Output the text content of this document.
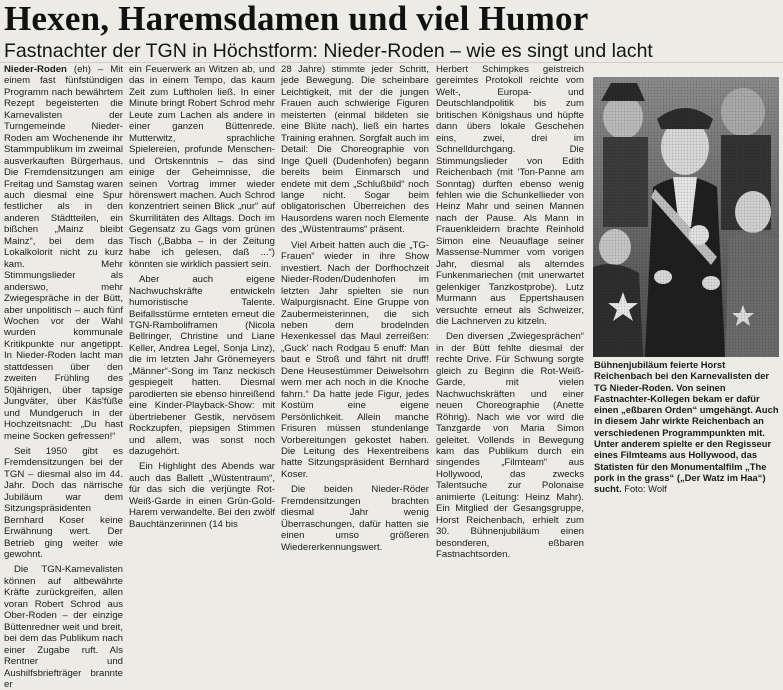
Hexen, Haremsdamen und viel Humor
Fastnachter der TGN in Höchstform: Nieder-Roden – wie es singt und lacht

Nieder-Roden (eh) – Mit einem fast fünfstündigen Programm nach bewährtem Rezept begeisterten die Karnevalisten der Turngemeinde Nieder-Roden am Wochenende ihr Stammpublikum im zweimal ausverkauften Bürgerhaus. Die Fremdensitzungen am Freitag und Samstag waren auch diesmal eine Spur festlicher als in den anderen Städtteilen, ein bißchen „Mainz bleibt Mainz“, bei dem das Lokalkolorit nicht zu kurz kam. Mehr Stimmungslieder als anderswo, mehr Zwiegespräche in der Bütt, aber unpolitisch – auch fünf Wochen vor der Wahl wurden kommunale Kritikpunkte nur angetippt. In Nieder-Roden lacht man stattdessen über den zweiten Frühling des 50jährigen, über tapsige Jungväter, über Käs'füße und Mundgeruch in der Hochzeitsnacht: „Du hast meine Socken gefressen!“

Seit 1950 gibt es Fremdensitzungen bei der TGN – diesmal also im 44. Jahr. Doch das närrische Jubiläum war dem Sitzungspräsidenten Bernhard Koser keine Erwähnung wert. Der Betrieb ging weiter wie gewohnt.

Die TGN-Karnevalisten können auf altbewährte Kräfte zurückgreifen, allen voran Robert Schrod aus Ober-Roden – der einzige Büttenredner weit und breit, bei dem das Publikum nach einer Zugabe ruft. Als Rentner und Aushilfsbriefträger brannte er

ein Feuerwerk an Witzen ab, und das in einem Tempo, das kaum Zeit zum Luftholen ließ. In einer Minute bringt Robert Schrod mehr Leute zum Lachen als andere in einer ganzen Büttenrede. Mutterwitz, sprachliche Spielereien, profunde Menschen- und Ortskenntnis – das sind einige der Geheimnisse, die seinen Vortrag immer wieder hörenswert machen. Auch Schrod konzentriert seinen Blick „nur“ auf Skurrilitäten des Alltags. Doch im Gegensatz zu Gags vom grünen Tisch („Babba – in der Zeitung habe ich gelesen, daß ...“) könnten sie wirklich passiert sein.

Aber auch eigene Nachwuchskräfte entwickeln humoristische Talente. Beifallsstürme ernteten erneut die TGN-Ramboliframen (Nicola Bellringer, Christine und Liane Keller, Andrea Legel, Sonja Linz), die im letzten Jahr Grönemeyers „Männer“-Song im Tanz neckisch gespiegelt hatten. Diesmal parodierten sie ebenso hinreißend eine Kinder-Playback-Show: mit übertriebener Gestik, nervösem Rockzupfen, piepsigen Stimmen und allem, was sonst noch dazugehört.

Ein Highlight des Abends war auch das Ballett „Wüstentraum“, für das sich die verjüngte Rot-Weiß-Garde in einen Grün-Gold-Harem verwandelte. Bei den zwölf Bauchtänzerinnen (14 bis

28 Jahre) stimmte jeder Schritt, jede Bewegung. Die scheinbare Leichtigkeit, mit der die jungen Frauen auch schwierige Figuren meisterten (einmal bildeten sie eine Blüte nach), ließ ein hartes Training erahnen. Sorgfalt auch im Detail: Die Choreographie von Inge Quell (Dudenhofen) begann bereits beim Einmarsch und endete mit dem „Schlußbild“ noch lange nicht. Sogar beim obligatorischen Überreichen des Hausordens waren noch Elemente des „Wüstentraums“ präsent.

Viel Arbeit hatten auch die „TG-Frauen“ wieder in ihre Show investiert. Nach der Dorfhochzeit Nieder-Roden/Dudenhofen im letzten Jahr spielten sie nun Walpurgisnacht. Eine Gruppe von Zaubermeisterinnen, die sich neben dem brodelnden Hexenkessel das Maul zerreißen: „Guck' nach Rodgau 5 enuff: Man baut e Stroß und fährt nit druff! Dene Heusestümmer Deiwelsohrn wern mer ach noch in die Knoche fahrn.“ Da hatte jede Figur, jedes Kostüm eine eigene Persönlichkeit. Allein manche Frisuren müssen stundenlange Vorbereitungen gekostet haben. Die Leitung des Hexentreibens hatte Sitzungspräsident Bernhard Koser.

Die beiden Nieder-Röder Fremdensitzungen brachten diesmal Jahr wenig Überraschungen, dafür hatten sie einen umso größeren Wiedererkennungswert.

Herbert Schimpkes geistreich gereimtes Protokoll reichte vom Welt-, Europa- und Deutschlandpolitik bis zum britischen Königshaus und hüpfte dann übers lokale Geschehen eins, zwei, drei im Schnelldurchgang. Die Stimmungslieder von Edith Reichenbach (mit 'Ton-Panne am Sonntag) durften ebenso wenig fehlen wie die Schunkellieder von Heinz Mahr und seinen Mannen nach der Pause. Als Mann in Frauenkleidern brachte Reinhold Simon eine Neuauflage seiner Massense-Nummer vom vorigen Jahr, diesmal als alterndes Funkenmariechen (mit unerwartet gelenkiger Tanzkostprobe). Lutz Murmann aus Eppertshausen versuchte erneut als Schweizer, die Lachnerven zu kitzeln.

Den diversen „Zwiegesprächen“ in der Bütt fehlte diesmal der rechte Drive. Für Schwung sorgte gleich zu Beginn die Rot-Weiß-Garde, mit vielen Nachwuchskräften und einer neuen Choreographie (Anette Röhrig). Nach wie vor wird die Tanzgarde von Maria Simon geleitet. Vollends in Bewegung kam das Publikum durch ein singendes „Filmteam“ aus Hollywood, das zwecks Talentsuche zur Polonaise animierte (Leitung: Heinz Mahr). Ein Mitglied der Gesangsgruppe, Horst Reichenbach, erhielt zum 30. Bühnenjubiläum einen besonderen, eßbaren Fastnachtsorden.

Bühnenjubiläum feierte Horst Reichenbach bei den Karnevalisten der TG Nieder-Roden. Von seinen Fastnachter-Kollegen bekam er dafür einen „eßbaren Orden“ umgehängt. Auch in diesem Jahr wirkte Reichenbach an verschiedenen Programmpunkten mit. Unter anderem spielte er den Regisseur eines Filmteams aus Hollywood, das Statisten für den Monumentalfilm „The pork in the grass“ („Der Watz im Haa“) sucht. Foto: Wolf
